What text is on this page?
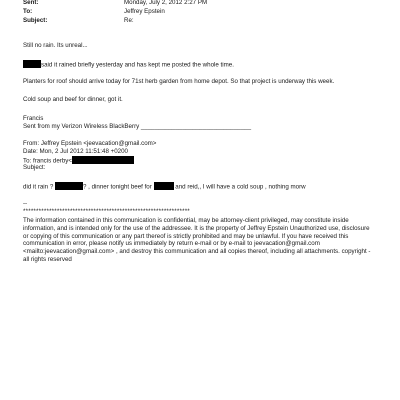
Sent:	Monday, July 2, 2012 2:27 PM
To:	Jeffrey Epstein
Subject:	Re:
Still no rain. Its unreal...
said it rained briefly yesterday and has kept me posted the whole time.
Planters for roof should arrive today for 71st herb garden from home depot. So that project is underway this week.
Cold soup and beef for dinner, got it.
Francis
Sent from my Verizon Wireless BlackBerry ________________________________
From: Jeffrey Epstein <jeevacation@gmail.com>
Date: Mon, 2 Jul 2012 11:51:48 +0200
To: francis derby<
Subject:
did it rain ?	? , dinner tonight beef for	and reid,, I will have a cold soup , nothing morw
--
****************************************************************
The information contained in this communication is confidential, may be attorney-client privileged, may constitute inside information, and is intended only for the use of the addressee. It is the property of Jeffrey Epstein Unauthorized use, disclosure or copying of this communication or any part thereof is strictly prohibited and may be unlawful. If you have received this communication in error, please notify us immediately by return e-mail or by e-mail to jeevacation@gmail.com <mailto:jeevacation@gmail.com> , and destroy this communication and all copies thereof, including all attachments. copyright -all rights reserved
